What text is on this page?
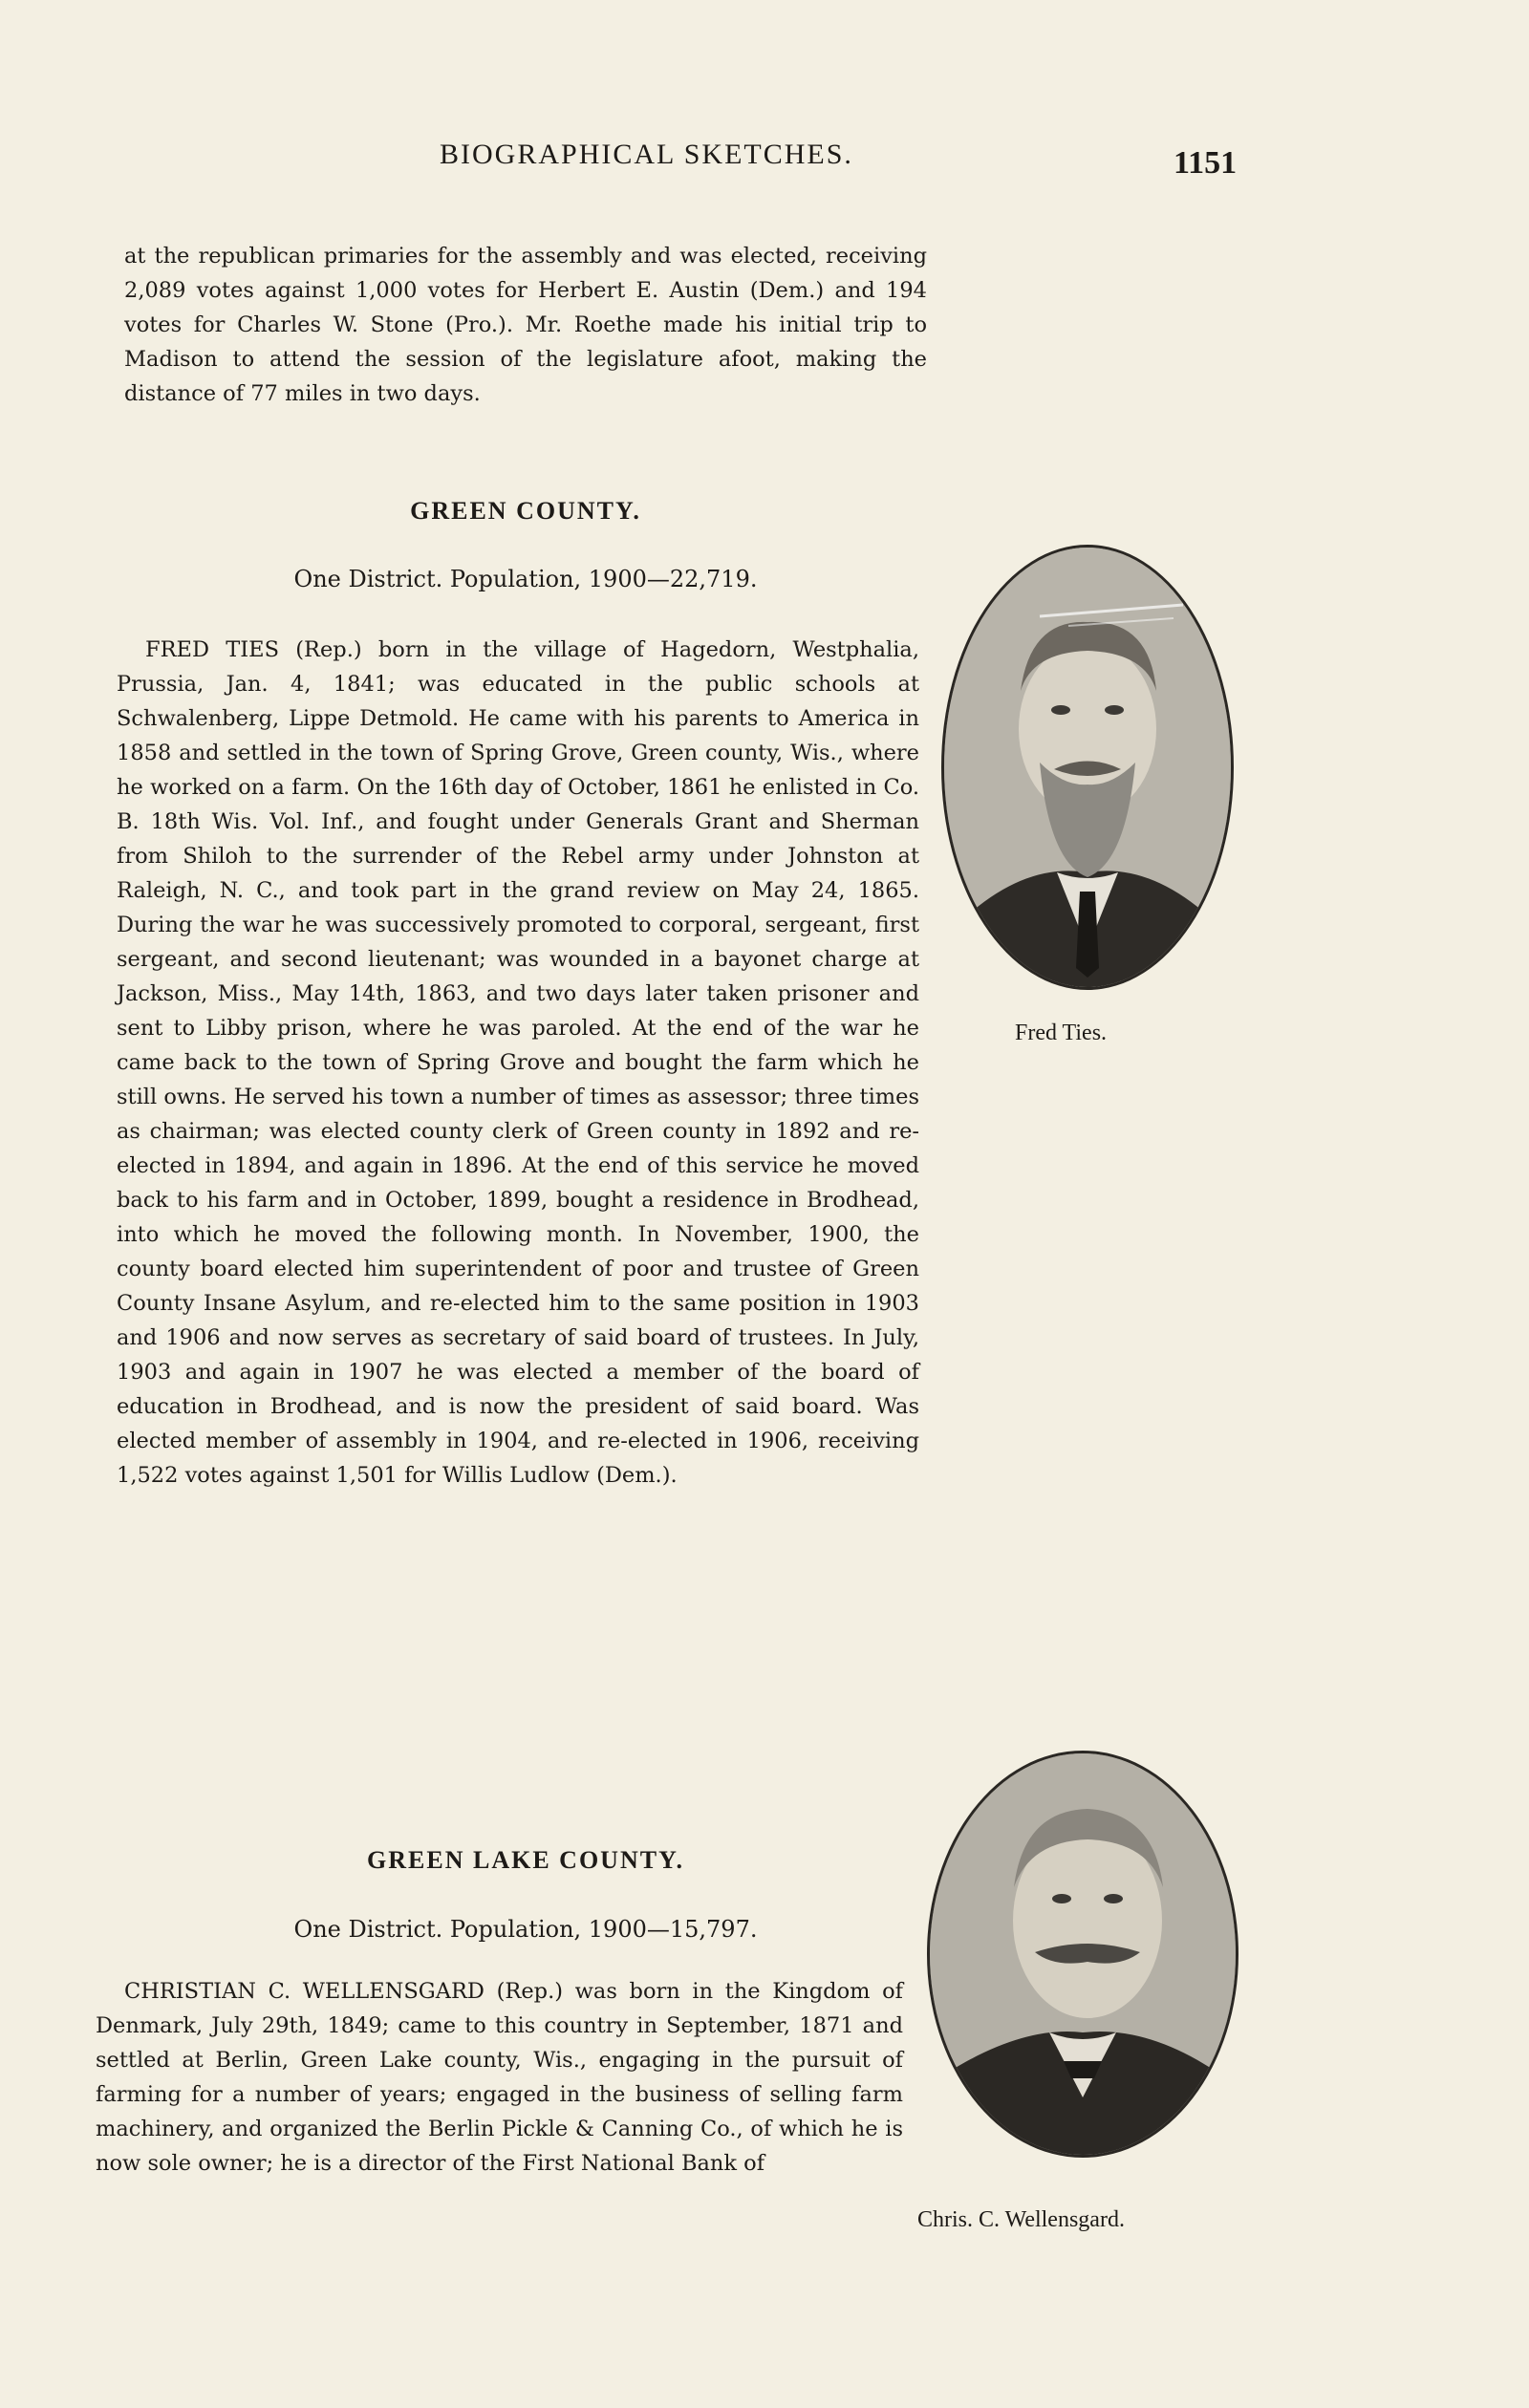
BIOGRAPHICAL SKETCHES.	1151

at the republican primaries for the assembly and was elected, receiving 2,089 votes against 1,000 votes for Herbert E. Austin (Dem.) and 194 votes for Charles W. Stone (Pro.). Mr. Roethe made his initial trip to Madison to attend the session of the legislature afoot, making the distance of 77 miles in two days.

GREEN COUNTY.

One District. Population, 1900—22,719.

FRED TIES (Rep.) born in the village of Hagedorn, Westphalia, Prussia, Jan. 4, 1841; was educated in the public schools at Schwalenberg, Lippe Detmold. He came with his parents to America in 1858 and settled in the town of Spring Grove, Green county, Wis., where he worked on a farm. On the 16th day of October, 1861 he enlisted in Co. B. 18th Wis. Vol. Inf., and fought under Generals Grant and Sherman from Shiloh to the surrender of the Rebel army under Johnston at Raleigh, N. C., and took part in the grand review on May 24, 1865. During the war he was successively promoted to corporal, sergeant, first sergeant, and second lieutenant; was wounded in a bayonet charge at Jackson, Miss., May 14th, 1863, and two days later taken prisoner and sent to Libby prison, where he was paroled. At the end of the war he came back to the town of Spring Grove and bought the farm which he still owns. He served his town a number of times as assessor; three times as chairman; was elected county clerk of Green county in 1892 and re-elected in 1894, and again in 1896. At the end of this service he moved back to his farm and in October, 1899, bought a residence in Brodhead, into which he moved the following month. In November, 1900, the county board elected him superintendent of poor and trustee of Green County Insane Asylum, and re-elected him to the same position in 1903 and 1906 and now serves as secretary of said board of trustees. In July, 1903 and again in 1907 he was elected a member of the board of education in Brodhead, and is now the president of said board. Was elected member of assembly in 1904, and re-elected in 1906, receiving 1,522 votes against 1,501 for Willis Ludlow (Dem.).

Fred Ties.

GREEN LAKE COUNTY.

One District. Population, 1900—15,797.

CHRISTIAN C. WELLENSGARD (Rep.) was born in the Kingdom of Denmark, July 29th, 1849; came to this country in September, 1871 and settled at Berlin, Green Lake county, Wis., engaging in the pursuit of farming for a number of years; engaged in the business of selling farm machinery, and organized the Berlin Pickle & Canning Co., of which he is now sole owner; he is a director of the First National Bank of

Chris. C. Wellensgard.
